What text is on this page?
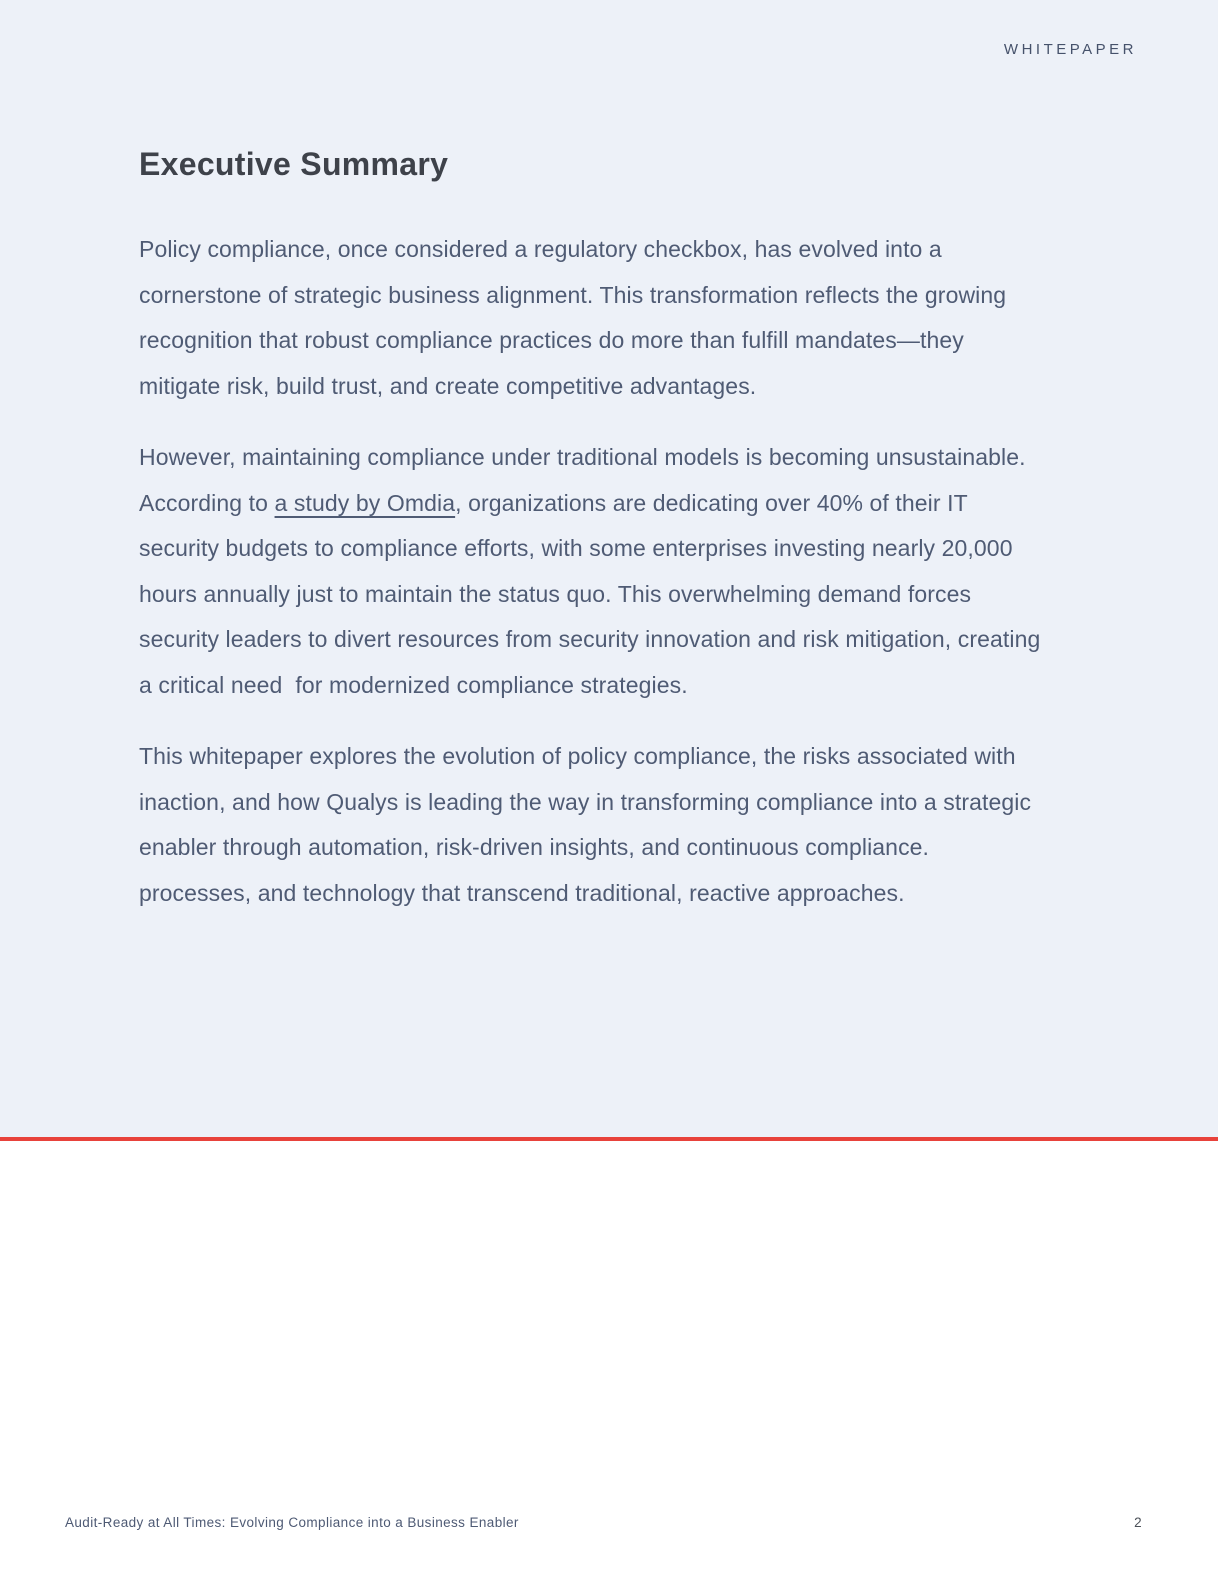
WHITEPAPER
Executive Summary

Policy compliance, once considered a regulatory checkbox, has evolved into a cornerstone of strategic business alignment. This transformation reflects the growing recognition that robust compliance practices do more than fulfill mandates—they mitigate risk, build trust, and create competitive advantages.

However, maintaining compliance under traditional models is becoming unsustainable. According to a study by Omdia, organizations are dedicating over 40% of their IT security budgets to compliance efforts, with some enterprises investing nearly 20,000 hours annually just to maintain the status quo. This overwhelming demand forces security leaders to divert resources from security innovation and risk mitigation, creating a critical need  for modernized compliance strategies.

This whitepaper explores the evolution of policy compliance, the risks associated with inaction, and how Qualys is leading the way in transforming compliance into a strategic enabler through automation, risk-driven insights, and continuous compliance. processes, and technology that transcend traditional, reactive approaches.

Audit-Ready at All Times: Evolving Compliance into a Business Enabler	2
